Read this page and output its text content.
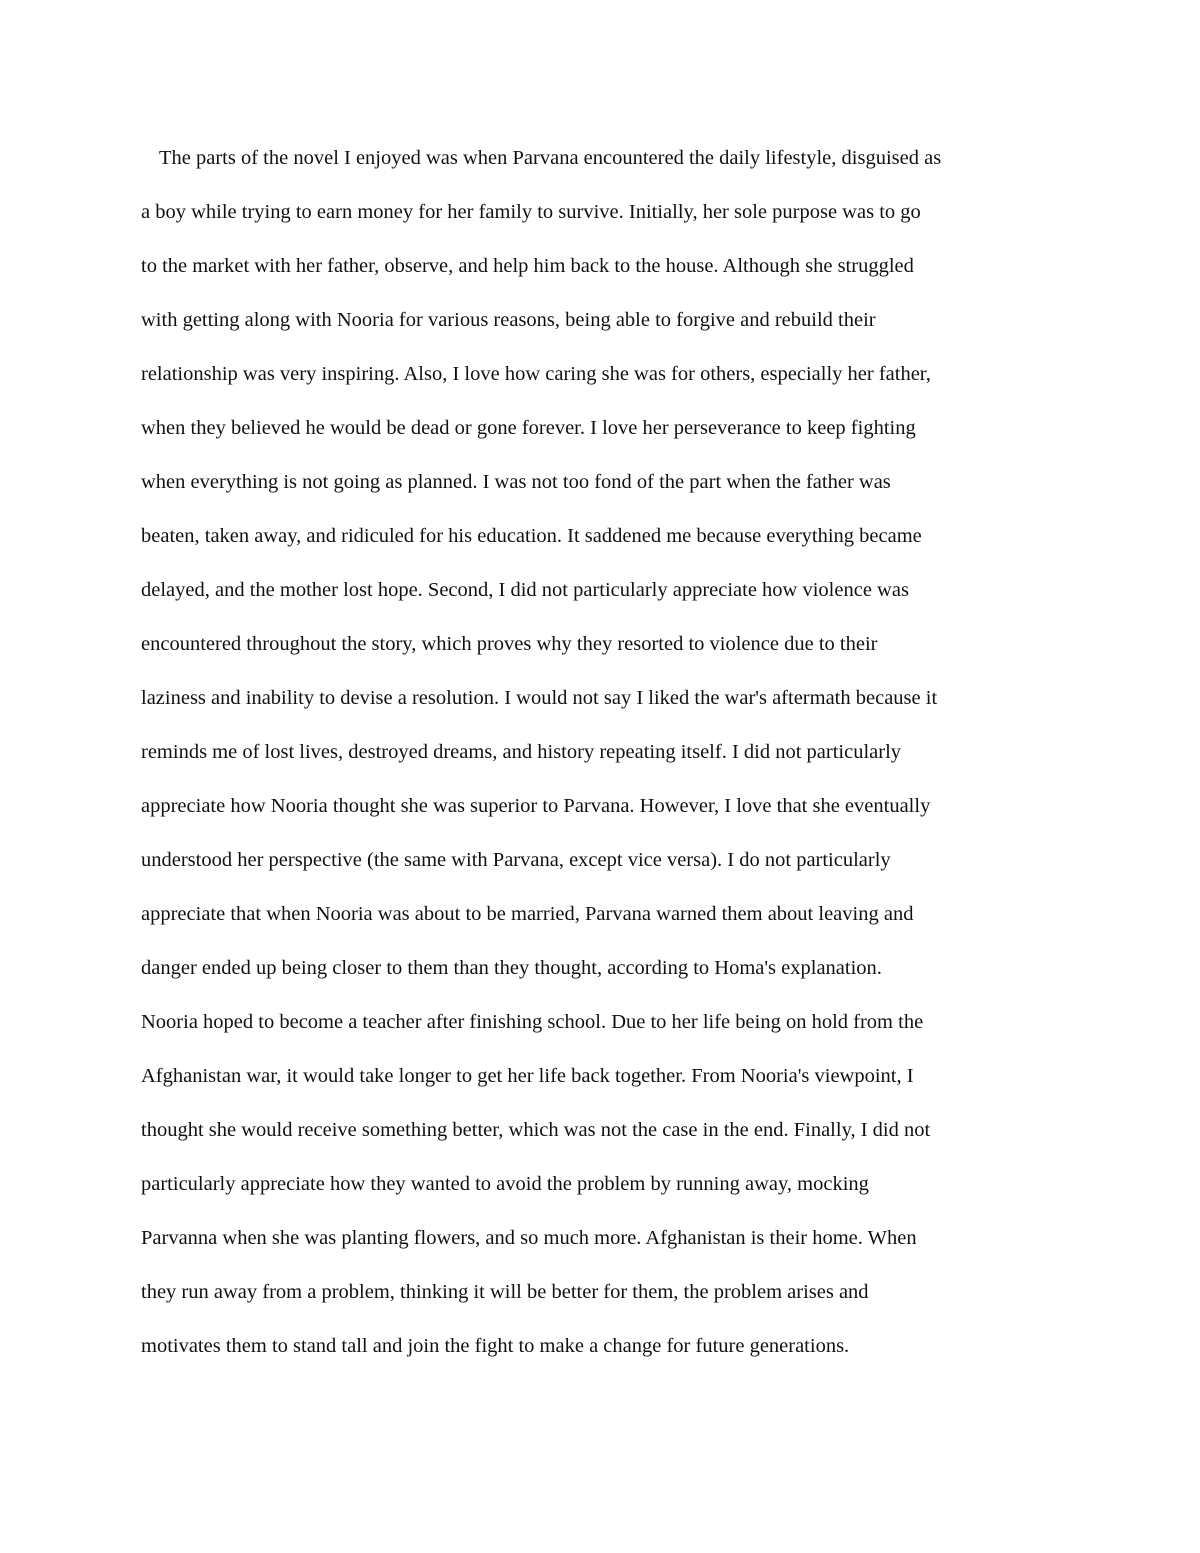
The parts of the novel I enjoyed was when Parvana encountered the daily lifestyle, disguised as
a boy while trying to earn money for her family to survive. Initially, her sole purpose was to go
to the market with her father, observe, and help him back to the house. Although she struggled
with getting along with Nooria for various reasons, being able to forgive and rebuild their
relationship was very inspiring. Also, I love how caring she was for others, especially her father,
when they believed he would be dead or gone forever. I love her perseverance to keep fighting
when everything is not going as planned. I was not too fond of the part when the father was
beaten, taken away, and ridiculed for his education. It saddened me because everything became
delayed, and the mother lost hope. Second, I did not particularly appreciate how violence was
encountered throughout the story, which proves why they resorted to violence due to their
laziness and inability to devise a resolution. I would not say I liked the war's aftermath because it
reminds me of lost lives, destroyed dreams, and history repeating itself. I did not particularly
appreciate how Nooria thought she was superior to Parvana. However, I love that she eventually
understood her perspective (the same with Parvana, except vice versa). I do not particularly
appreciate that when Nooria was about to be married, Parvana warned them about leaving and
danger ended up being closer to them than they thought, according to Homa's explanation.
Nooria hoped to become a teacher after finishing school. Due to her life being on hold from the
Afghanistan war, it would take longer to get her life back together. From Nooria's viewpoint, I
thought she would receive something better, which was not the case in the end. Finally, I did not
particularly appreciate how they wanted to avoid the problem by running away, mocking
Parvanna when she was planting flowers, and so much more. Afghanistan is their home. When
they run away from a problem, thinking it will be better for them, the problem arises and
motivates them to stand tall and join the fight to make a change for future generations.
